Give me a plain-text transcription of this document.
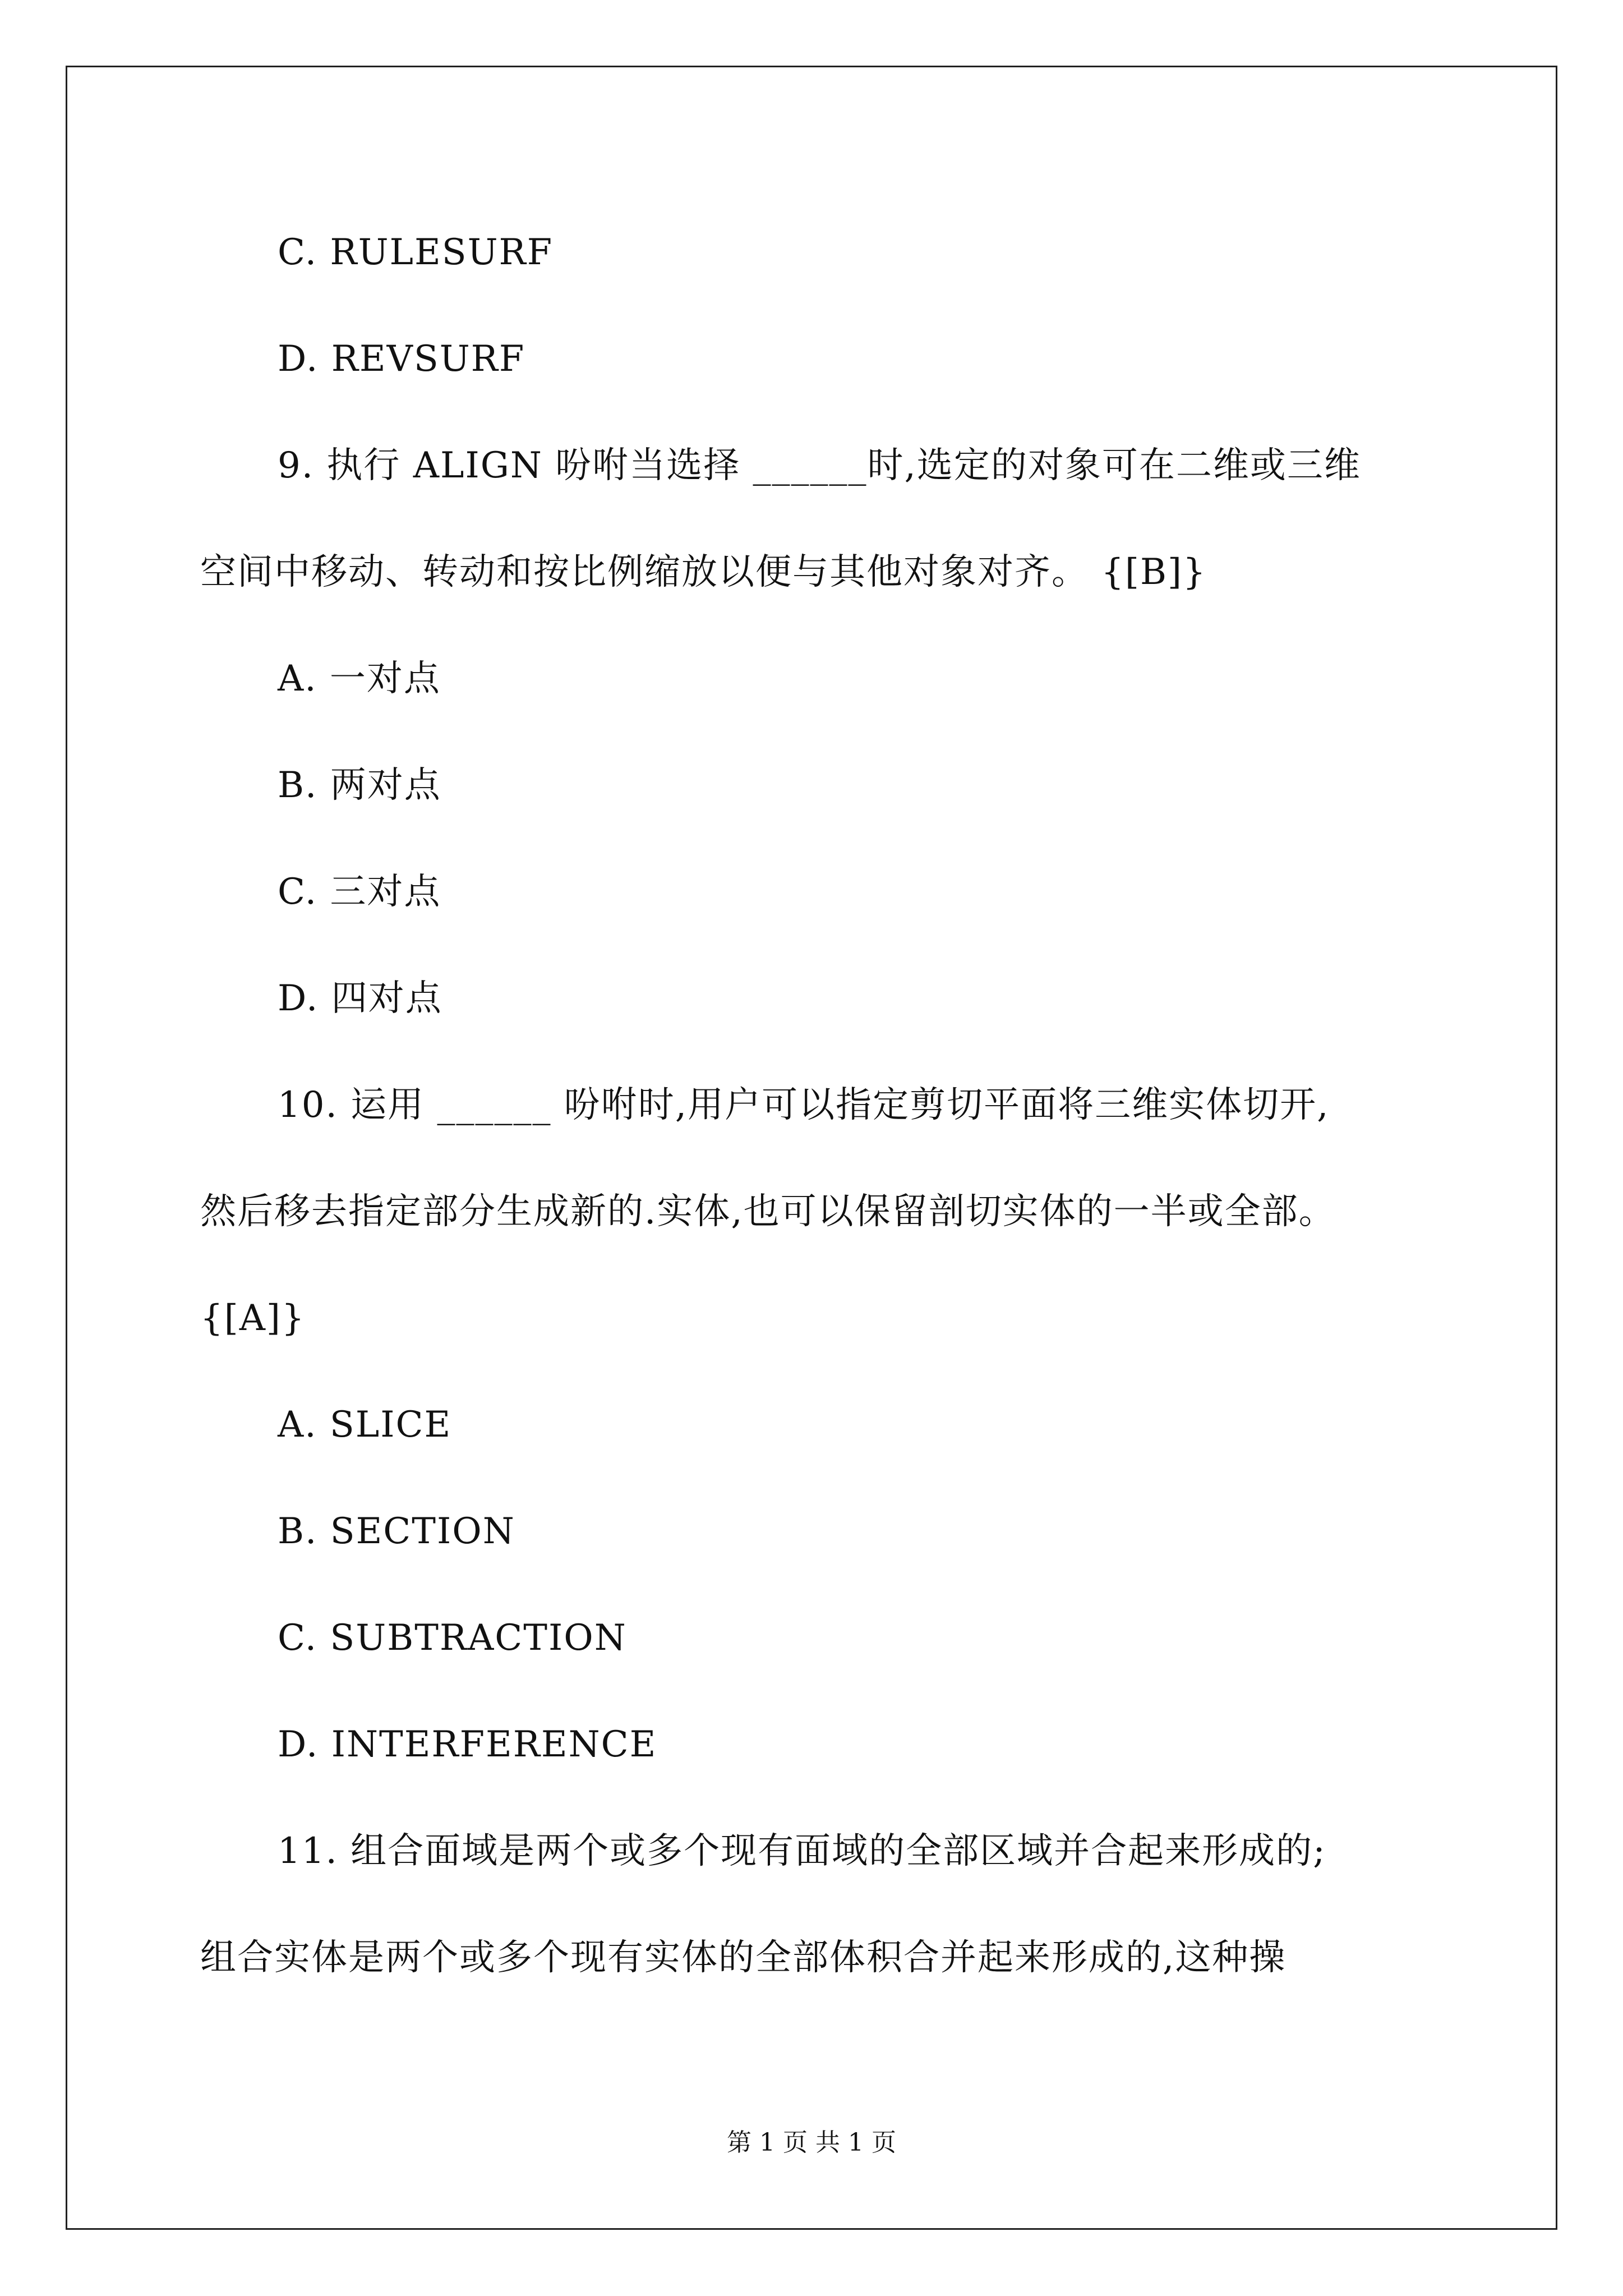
C. RULESURF
D. REVSURF
9. 执行 ALIGN 吩咐当选择 ______时,选定的对象可在二维或三维
空间中移动、转动和按比例缩放以便与其他对象对齐。 {[B]}
A. 一对点
B. 两对点
C. 三对点
D. 四对点
10. 运用 ______ 吩咐时,用户可以指定剪切平面将三维实体切开,
然后移去指定部分生成新的.实体,也可以保留剖切实体的一半或全部。
{[A]}
A. SLICE
B. SECTION
C. SUBTRACTION
D. INTERFERENCE
11. 组合面域是两个或多个现有面域的全部区域并合起来形成的;
组合实体是两个或多个现有实体的全部体积合并起来形成的,这种操
第 1 页 共 1 页
